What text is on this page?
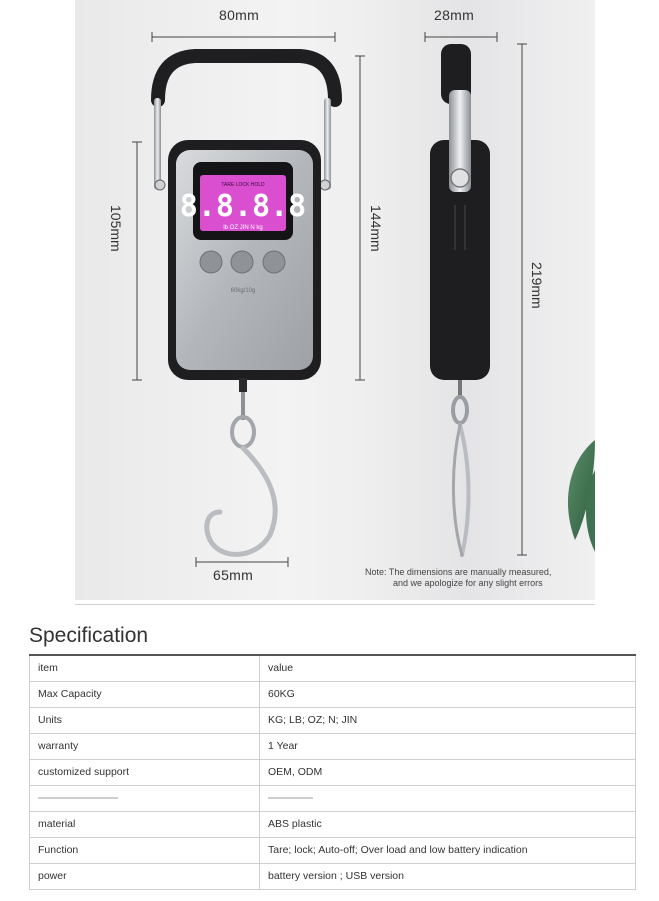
TARE LOCK HOLD
8.8.8.8
lb OZ JIN N kg
60kg/10g
80mm	28mm
105mm	144mm
219mm
65mm	Note: The dimensions are manually measured,
and we apologize for any slight errors
Specification
item	value
Max Capacity	60KG
Units	KG; LB; OZ; N; JIN
warranty	1 Year
customized support	OEM, ODM

material	ABS plastic
Function	Tare; lock; Auto-off; Over load and low battery indication
power	battery version ; USB version
